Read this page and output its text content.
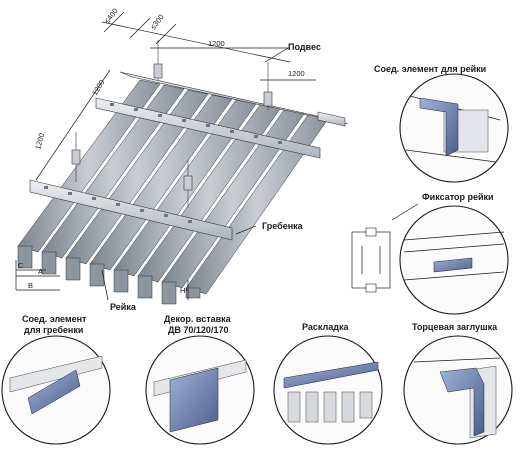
≤400	≤300
1200
1200
1200
1200
C
A
B
H¹
Подвес
Гребенка
Рейка
Соед. элемент для рейки
Фиксатор рейки
Соед. элемент
для гребенки
Декор. вставка
ДВ 70/120/170	Раскладка	Торцевая заглушка
